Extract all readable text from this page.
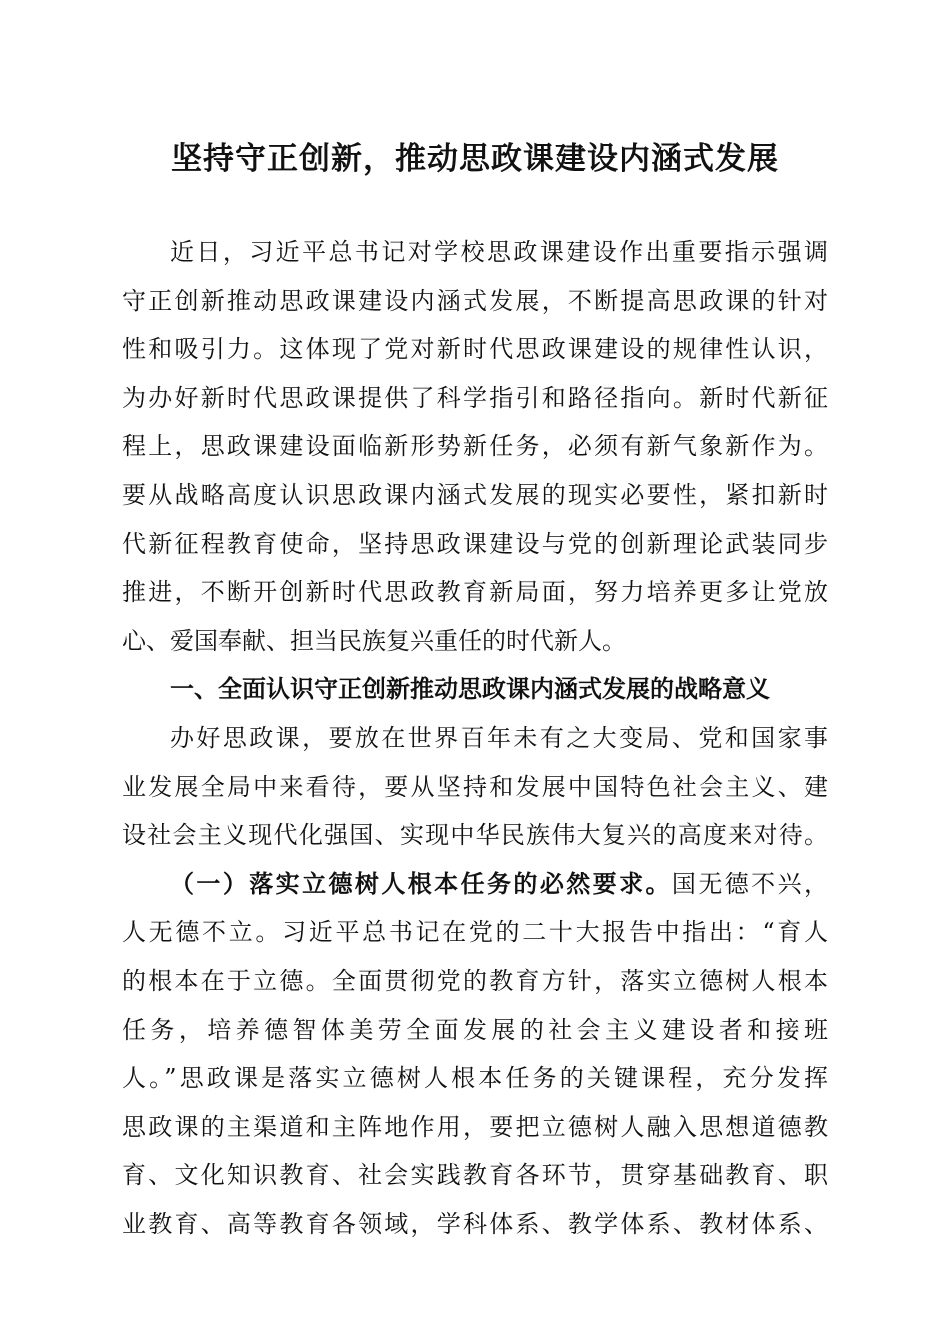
坚持守正创新，推动思政课建设内涵式发展
近日，习近平总书记对学校思政课建设作出重要指示强调
守正创新推动思政课建设内涵式发展，不断提高思政课的针对
性和吸引力。这体现了党对新时代思政课建设的规律性认识，
为办好新时代思政课提供了科学指引和路径指向。新时代新征
程上，思政课建设面临新形势新任务，必须有新气象新作为。
要从战略高度认识思政课内涵式发展的现实必要性，紧扣新时
代新征程教育使命，坚持思政课建设与党的创新理论武装同步
推进，不断开创新时代思政教育新局面，努力培养更多让党放
心、爱国奉献、担当民族复兴重任的时代新人。
一、全面认识守正创新推动思政课内涵式发展的战略意义
办好思政课，要放在世界百年未有之大变局、党和国家事
业发展全局中来看待，要从坚持和发展中国特色社会主义、建
设社会主义现代化强国、实现中华民族伟大复兴的高度来对待。
（一）落实立德树人根本任务的必然要求。国无德不兴，
人无德不立。习近平总书记在党的二十大报告中指出：“育人
的根本在于立德。全面贯彻党的教育方针，落实立德树人根本
任务，培养德智体美劳全面发展的社会主义建设者和接班
人。”思政课是落实立德树人根本任务的关键课程，充分发挥
思政课的主渠道和主阵地作用，要把立德树人融入思想道德教
育、文化知识教育、社会实践教育各环节，贯穿基础教育、职
业教育、高等教育各领域，学科体系、教学体系、教材体系、
